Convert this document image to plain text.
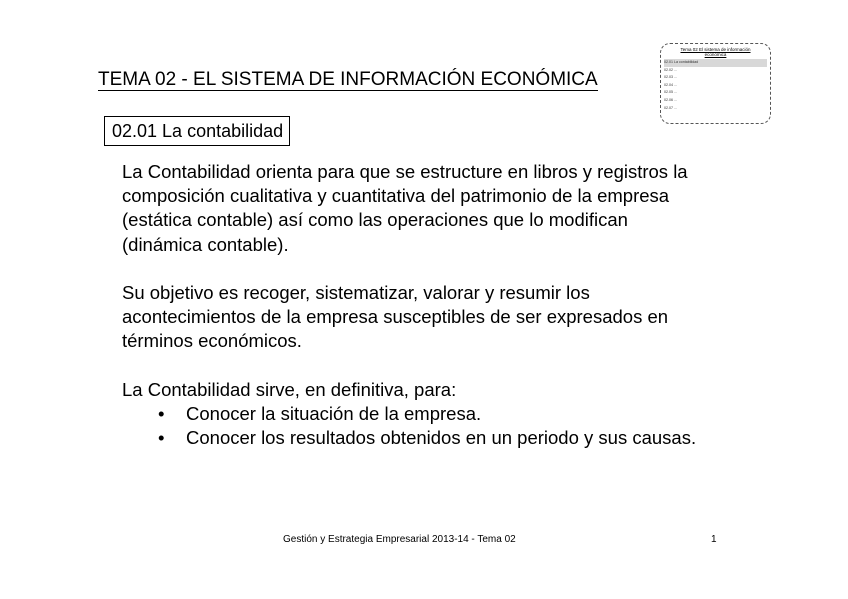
TEMA 02 - EL SISTEMA DE INFORMACIÓN ECONÓMICA
02.01 La contabilidad
Tema 02 El sistema de información
económica
02.01 La contabilidad
02.02 ...
02.03 ...
02.04 ...
02.05 ...
02.06 ...
02.07 ...

La Contabilidad orienta para que se estructure en libros y registros la
composición cualitativa y cuantitativa del patrimonio de la empresa
(estática contable) así como las operaciones que lo modifican
(dinámica contable).

Su objetivo es recoger, sistematizar, valorar y resumir los
acontecimientos de la empresa susceptibles de ser expresados en
términos económicos.

La Contabilidad sirve, en definitiva, para:

• Conocer la situación de la empresa.
• Conocer los resultados obtenidos en un periodo y sus causas.
Gestión y Estrategia Empresarial 2013-14 - Tema 02	1
